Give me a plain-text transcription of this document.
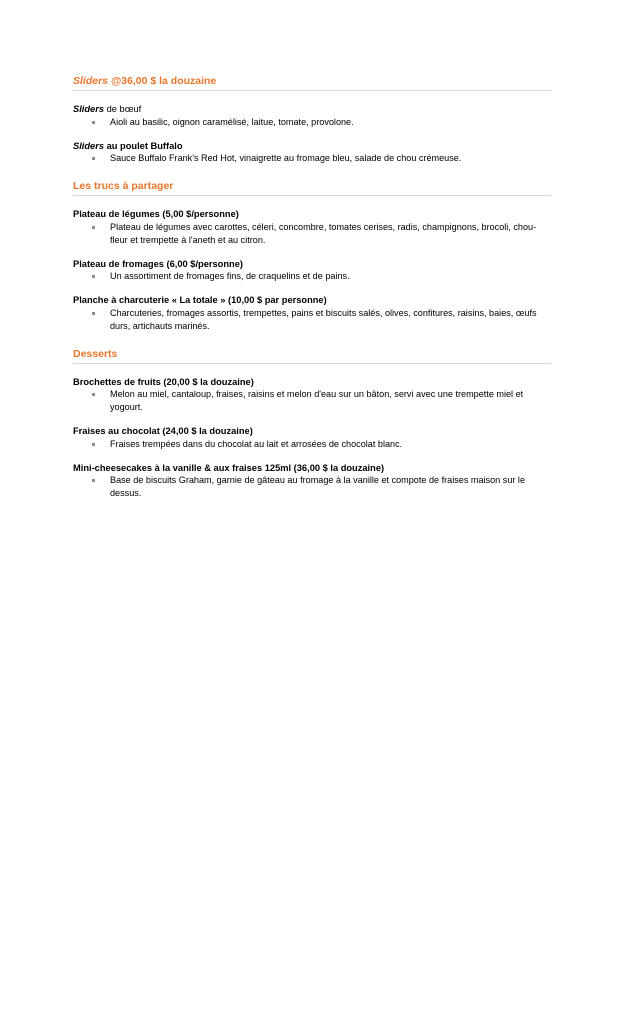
Sliders @36,00 $ la douzaine
Sliders de bœuf
Aioli au basilic, oignon caramélisé, laitue, tomate, provolone.
Sliders au poulet Buffalo
Sauce Buffalo Frank's Red Hot, vinaigrette au fromage bleu, salade de chou crémeuse.
Les trucs à partager
Plateau de légumes (5,00 $/personne)
Plateau de légumes avec carottes, céleri, concombre, tomates cerises, radis, champignons, brocoli, chou-fleur et trempette à l'aneth et au citron.
Plateau de fromages (6,00 $/personne)
Un assortiment de fromages fins, de craquelins et de pains.
Planche à charcuterie « La totale » (10,00 $ par personne)
Charcuteries, fromages assortis, trempettes, pains et biscuits salés, olives, confitures, raisins, baies, œufs durs, artichauts marinés.
Desserts
Brochettes de fruits (20,00 $ la douzaine)
Melon au miel, cantaloup, fraises, raisins et melon d'eau sur un bâton, servi avec une trempette miel et yogourt.
Fraises au chocolat (24,00 $ la douzaine)
Fraises trempées dans du chocolat au lait et arrosées de chocolat blanc.
Mini-cheesecakes à la vanille & aux fraises 125ml (36,00 $ la douzaine)
Base de biscuits Graham, garnie de gâteau au fromage à la vanille et compote de fraises maison sur le dessus.
